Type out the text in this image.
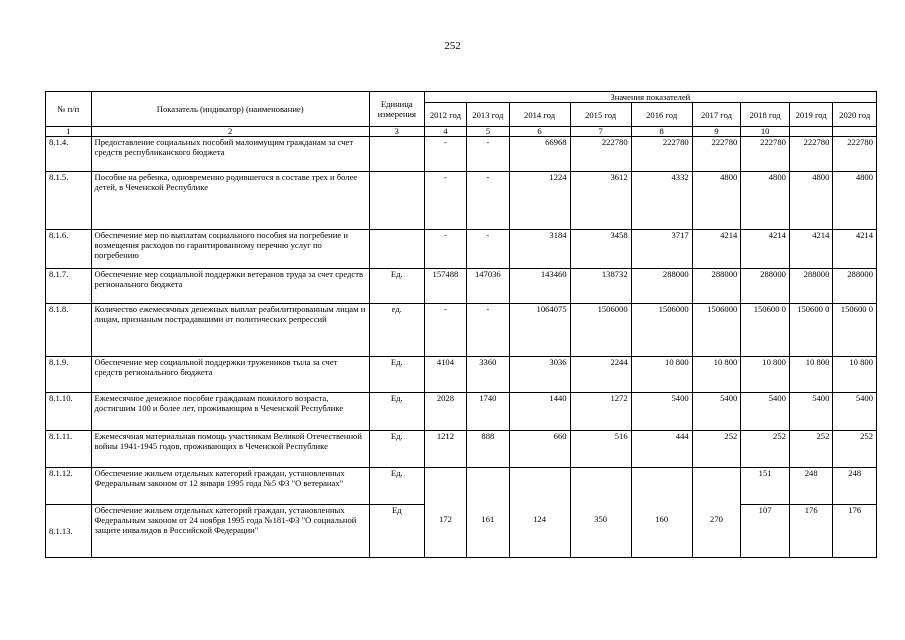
252
№ п/п	Показатель (индикатор) (наименование)	Единица измерения	Значения показателей								
			2012 год	2013 год	2014 год	2015 год	2016 год	2017 год	2018 год	2019 год	2020 год
1	2	3	4	5	6	7	8	9	10		
8.1.4.	Предоставление социальных пособий малоимущим гражданам за счет средств республиканского бюджета		-	-	66968	222780	222780	222780	222780	222780	222780
8.1.5.	Пособие на ребенка, одновременно родившегося в составе трех и более детей, в Чеченской Республике		-	-	1224	3612	4332	4800	4800	4800	4800
8.1.6.	Обеспечение мер по выплатам социального пособия на погребение и возмещения расходов по гарантированному перечню услуг по погребению		-	-	3184	3458	3717	4214	4214	4214	4214
8.1.7.	Обеспечение мер социальной поддержки ветеранов труда за счет средств регионального бюджета	Ед.	157488	147036	143460	138732	288000	288000	288000	288000	288000
8.1.8.	Количество ежемесячных денежных выплат реабилитированным лицам и лицам, признаным пострадавшими от политических репрессий	ед.	-	-	1064075	1506000	1506000	1506000	150600 0	150600 0	150600 0
8.1.9.	Обеспечение мер социальной поддержки тружеников тыла за счет средств регионального бюджета	Ед.	4104	3360	3036	2244	10 800	10 800	10 800	10 800	10 800
8.1.10.	Ежемесячное денежное пособие гражданам пожилого возраста, достигшим 100 и более лет, проживающим в Чеченской Республике	Ед.	2028	1740	1440	1272	5400	5400	5400	5400	5400
8.1.11.	Ежемесячная материальная помощь участникам Великой Отечественной войны 1941-1945 годов, проживающих в Чеченской Республике	Ед.	1212	888	660	516	444	252	252	252	252
8.1.12.	Обеспечение жильем отдельных категорий граждан, установленных Федеральным законом от 12 января 1995 года №5 ФЗ "О ветеранах"	Ед.	172	161	124	350	160	270	151	248	248
8.1.13.	Обеспечение жильем отдельных категорий граждан, установленных Федеральным законом от 24 ноября 1995 года №181-ФЗ "О социальной защите инвалидов в Российской Федерации"	Ед							107	176	176
